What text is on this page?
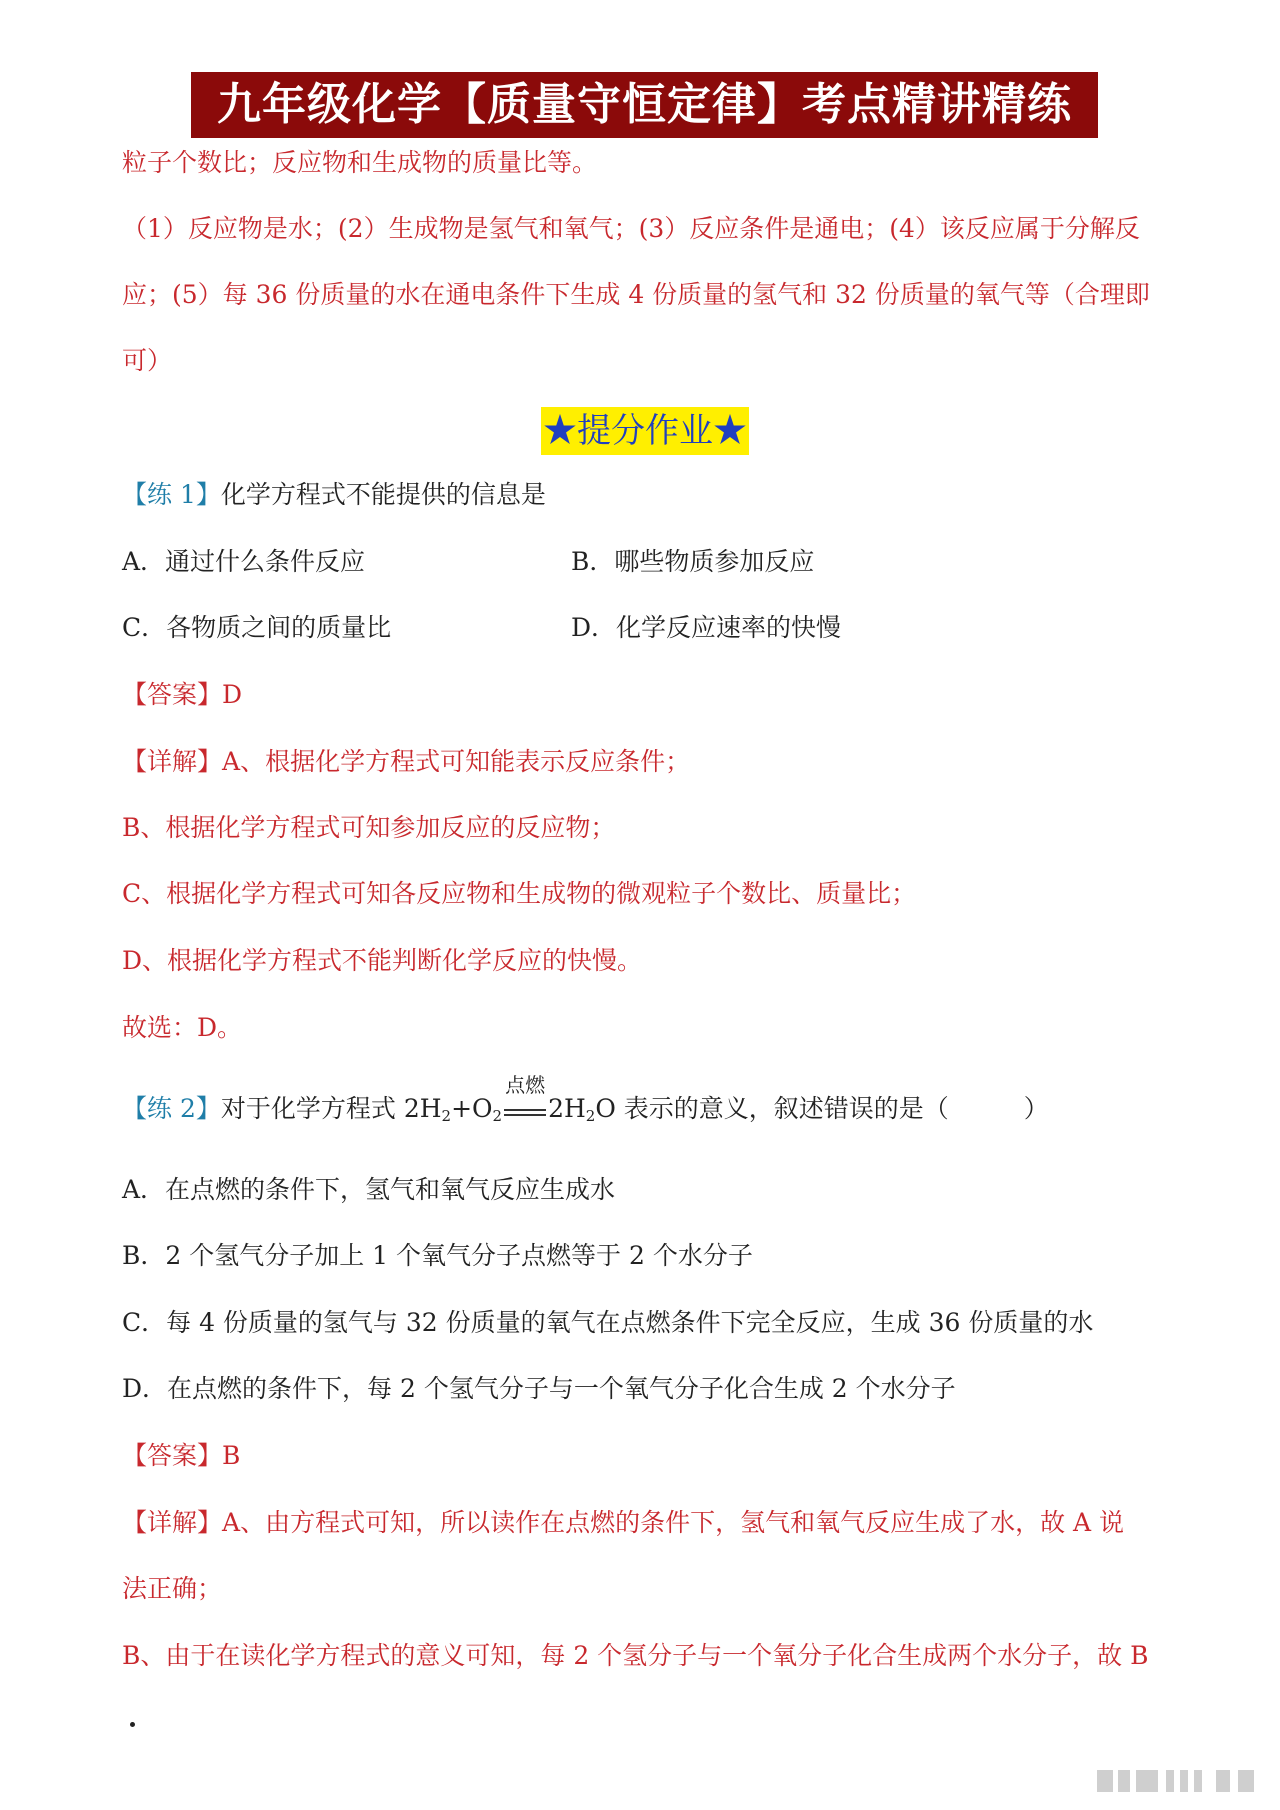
九年级化学【质量守恒定律】考点精讲精练
粒子个数比；反应物和生成物的质量比等。
（1）反应物是水；(2）生成物是氢气和氧气；(3）反应条件是通电；(4）该反应属于分解反
应；(5）每 36 份质量的水在通电条件下生成 4 份质量的氢气和 32 份质量的氧气等（合理即
可）
★提分作业★
【练 1】化学方程式不能提供的信息是
A．通过什么条件反应	B．哪些物质参加反应
C．各物质之间的质量比	D．化学反应速率的快慢
【答案】D
【详解】A、根据化学方程式可知能表示反应条件；
B、根据化学方程式可知参加反应的反应物；
C、根据化学方程式可知各反应物和生成物的微观粒子个数比、质量比；
D、根据化学方程式不能判断化学反应的快慢。
故选：D。
【练 2】对于化学方程式 $2H_2+O_2$
点燃
$2H_2O$ 表示的意义，叙述错误的是（　　　）
A．在点燃的条件下，氢气和氧气反应生成水
B．2 个氢气分子加上 1 个氧气分子点燃等于 2 个水分子
C．每 4 份质量的氢气与 32 份质量的氧气在点燃条件下完全反应，生成 36 份质量的水
D．在点燃的条件下，每 2 个氢气分子与一个氧气分子化合生成 2 个水分子
【答案】B
【详解】A、由方程式可知，所以读作在点燃的条件下，氢气和氧气反应生成了水，故 A 说
法正确；
B、由于在读化学方程式的意义可知，每 2 个氢分子与一个氧分子化合生成两个水分子，故 B
